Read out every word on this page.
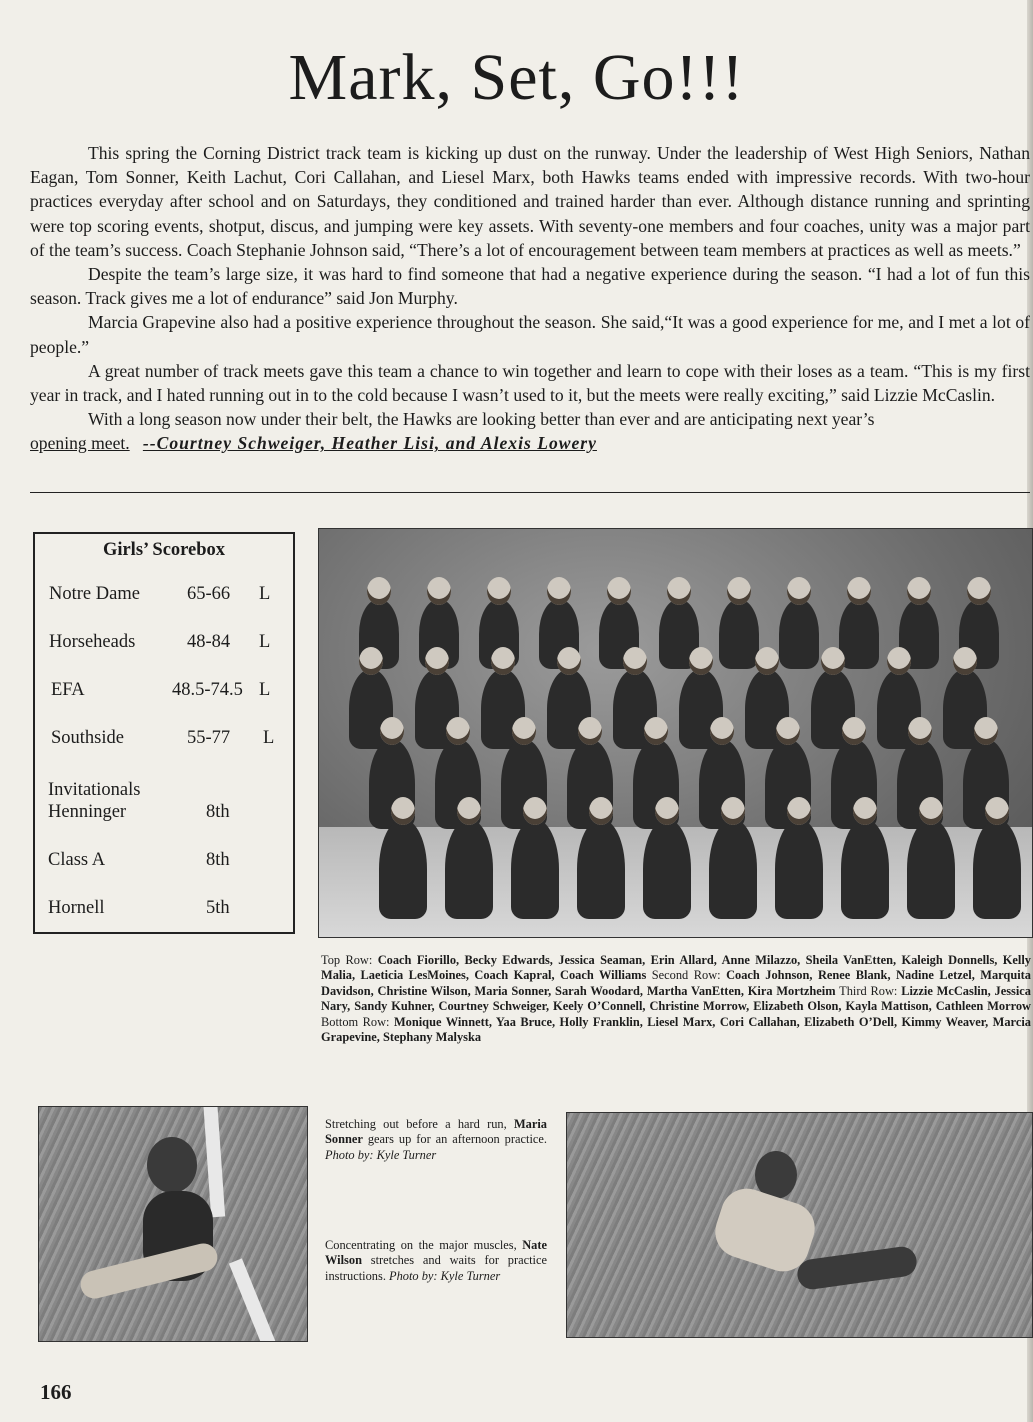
Mark, Set, Go!!!

This spring the Corning District track team is kicking up dust on the runway. Under the leadership of West High Seniors, Nathan Eagan, Tom Sonner, Keith Lachut, Cori Callahan, and Liesel Marx, both Hawks teams ended with impressive records. With two-hour practices everyday after school and on Saturdays, they conditioned and trained harder than ever. Although distance running and sprinting were top scoring events, shotput, discus, and jumping were key assets. With seventy-one members and four coaches, unity was a major part of the team’s success. Coach Stephanie Johnson said, “There’s a lot of encouragement between team members at practices as well as meets.”

Despite the team’s large size, it was hard to find someone that had a negative experience during the season. “I had a lot of fun this season. Track gives me a lot of endurance” said Jon Murphy.

Marcia Grapevine also had a positive experience throughout the season. She said,“It was a good experience for me, and I met a lot of people.”

A great number of track meets gave this team a chance to win together and learn to cope with their loses as a team. “This is my first year in track, and I hated running out in to the cold because I wasn’t used to it, but the meets were really exciting,” said Lizzie McCaslin.

With a long season now under their belt, the Hawks are looking better than ever and are anticipating next year’s

opening meet. --Courtney Schweiger, Heather Lisi, and Alexis Lowery
Girls’ Scorebox
Notre Dame	65-66 L
Horseheads	48-84 L
EFA	48.5-74.5 L
Southside	55-77 L
Invitationals
Henninger	8th
Class A	8th
Hornell	5th
Top Row: Coach Fiorillo, Becky Edwards, Jessica Seaman, Erin Allard, Anne Milazzo, Sheila VanEtten, Kaleigh Donnells, Kelly Malia, Laeticia LesMoines, Coach Kapral, Coach Williams Second Row: Coach Johnson, Renee Blank, Nadine Letzel, Marquita Davidson, Christine Wilson, Maria Sonner, Sarah Woodard, Martha VanEtten, Kira Mortzheim Third Row: Lizzie McCaslin, Jessica Nary, Sandy Kuhner, Courtney Schweiger, Keely O’Connell, Christine Morrow, Elizabeth Olson, Kayla Mattison, Cathleen Morrow Bottom Row: Monique Winnett, Yaa Bruce, Holly Franklin, Liesel Marx, Cori Callahan, Elizabeth O’Dell, Kimmy Weaver, Marcia Grapevine, Stephany Malyska
Stretching out before a hard run, Maria Sonner gears up for an afternoon practice. Photo by: Kyle Turner
Concentrating on the major muscles, Nate Wilson stretches and waits for practice instructions. Photo by: Kyle Turner
166
